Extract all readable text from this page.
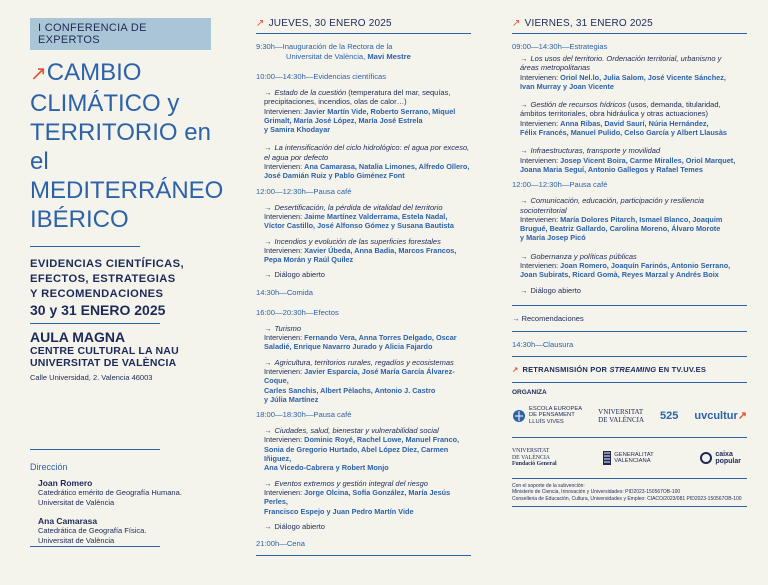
I CONFERENCIA DE EXPERTOS
↗CAMBIO
CLIMÁTICO y
TERRITORIO en el
MEDITERRÁNEO
IBÉRICO
EVIDENCIAS CIENTÍFICAS,
EFECTOS, ESTRATEGIAS
Y RECOMENDACIONES
30 y 31 ENERO 2025
AULA MAGNA
CENTRE CULTURAL LA NAU
UNIVERSITAT DE VALÈNCIA
Calle Universidad, 2. Valencia 46003
Dirección
Joan Romero
Catedrático emérito de Geografía Humana.
Universitat de València
Ana Camarasa
Catedrática de Geografía Física.
Universitat de València
↗ JUEVES, 30 ENERO 2025
9:30h—Inauguración de la Rectora de la
Universitat de València, Mavi Mestre
10:00—14:30h—Evidencias científicas
→ Estado de la cuestión (temperatura del mar, sequías,
precipitaciones, incendios, olas de calor…)
Intervienen: Javier Martín Vide, Roberto Serrano, Miquel
Grimalt, María José López, María José Estrela
y Samira Khodayar
→ La intensificación del ciclo hidrológico: el agua por exceso,
el agua por defecto
Intervienen: Ana Camarasa, Natalia Limones, Alfredo Ollero,
José Damián Ruiz y Pablo Giménez Font
12:00—12:30h—Pausa café
→ Desertificación, la pérdida de vitalidad del territorio
Intervienen: Jaime Martínez Valderrama, Estela Nadal,
Víctor Castillo, José Alfonso Gómez y Susana Bautista
→ Incendios y evolución de las superficies forestales
Intervienen: Xavier Úbeda, Anna Badia, Marcos Francos,
Pepa Morán y Raúl Quílez
→ Diálogo abierto
14:30h—Comida
16:00—20:30h—Efectos
→ Turismo
Intervienen: Fernando Vera, Anna Torres Delgado, Oscar
Saladié, Enrique Navarro Jurado y Alicia Fajardo
→ Agricultura, territorios rurales, regadíos y ecosistemas
Intervienen: Javier Esparcia, José María García Álvarez-Coque,
Carles Sanchis, Albert Pèlachs, Antonio J. Castro
y Júlia Martínez
18:00—18:30h—Pausa café
→ Ciudades, salud, bienestar y vulnerabilidad social
Intervienen: Dominic Royé, Rachel Lowe, Manuel Franco,
Sonia de Gregorio Hurtado, Abel López Díez, Carmen Iñiguez,
Ana Vicedo-Cabrera y Robert Monjo
→ Eventos extremos y gestión integral del riesgo
Intervienen: Jorge Olcina, Sofía González, María Jesús Perles,
Francisco Espejo y Juan Pedro Martín Vide
→ Diálogo abierto
21:00h—Cena
↗ VIERNES, 31 ENERO 2025
09:00—14:30h—Estrategias
→ Los usos del territorio. Ordenación territorial, urbanismo y
áreas metropolitanas
Intervienen: Oriol Nel.lo, Julia Salom, José Vicente Sánchez,
Ivan Murray y Joan Vicente
→ Gestión de recursos hídricos (usos, demanda, titularidad,
ámbitos territoriales, obra hidráulica y otras actuaciones)
Intervienen: Anna Ribas, David Saurí, Núria Hernández,
Félix Francés, Manuel Pulido, Celso García y Albert Llausàs
→ Infraestructuras, transporte y movilidad
Intervienen: Josep Vicent Boira, Carme Miralles, Oriol Marquet,
Joana Maria Seguí, Antonio Gallegos y Rafael Temes
12:00—12:30h—Pausa café
→ Comunicación, educación, participación y resiliencia
socioterritorial
Intervienen: María Dolores Pitarch, Ismael Blanco, Joaquim
Brugué, Beatriz Gallardo, Carolina Moreno, Álvaro Morote
y María Josep Picó
→ Gobernanza y políticas públicas
Intervienen: Joan Romero, Joaquín Farinós, Antonio Serrano,
Joan Subirats, Ricard Gomà, Reyes Marzal y Andrés Boix
→ Diálogo abierto
→ Recomendaciones
14:30h—Clausura
↗ RETRANSMISIÓN POR STREAMING EN TV.UV.ES
ORGANIZA
ESCOLA EUROPEA
DE PENSAMENT
LLUÍS VIVES
VNIVERSITAT
DE VALÈNCIA 525 uvcultur↗
VNIVERSITAT
DE VALÈNCIA
Fundació General
GENERALITAT
VALENCIANA
caixa
popular
Con el soporte de la subvención:
Ministerio de Ciencia, Innovación y Universidades: PID2023-150567OB-100
Conselleria de Educación, Cultura, Universidades y Empleo: CIACO/2023/081 PID2023-150567OB-100
